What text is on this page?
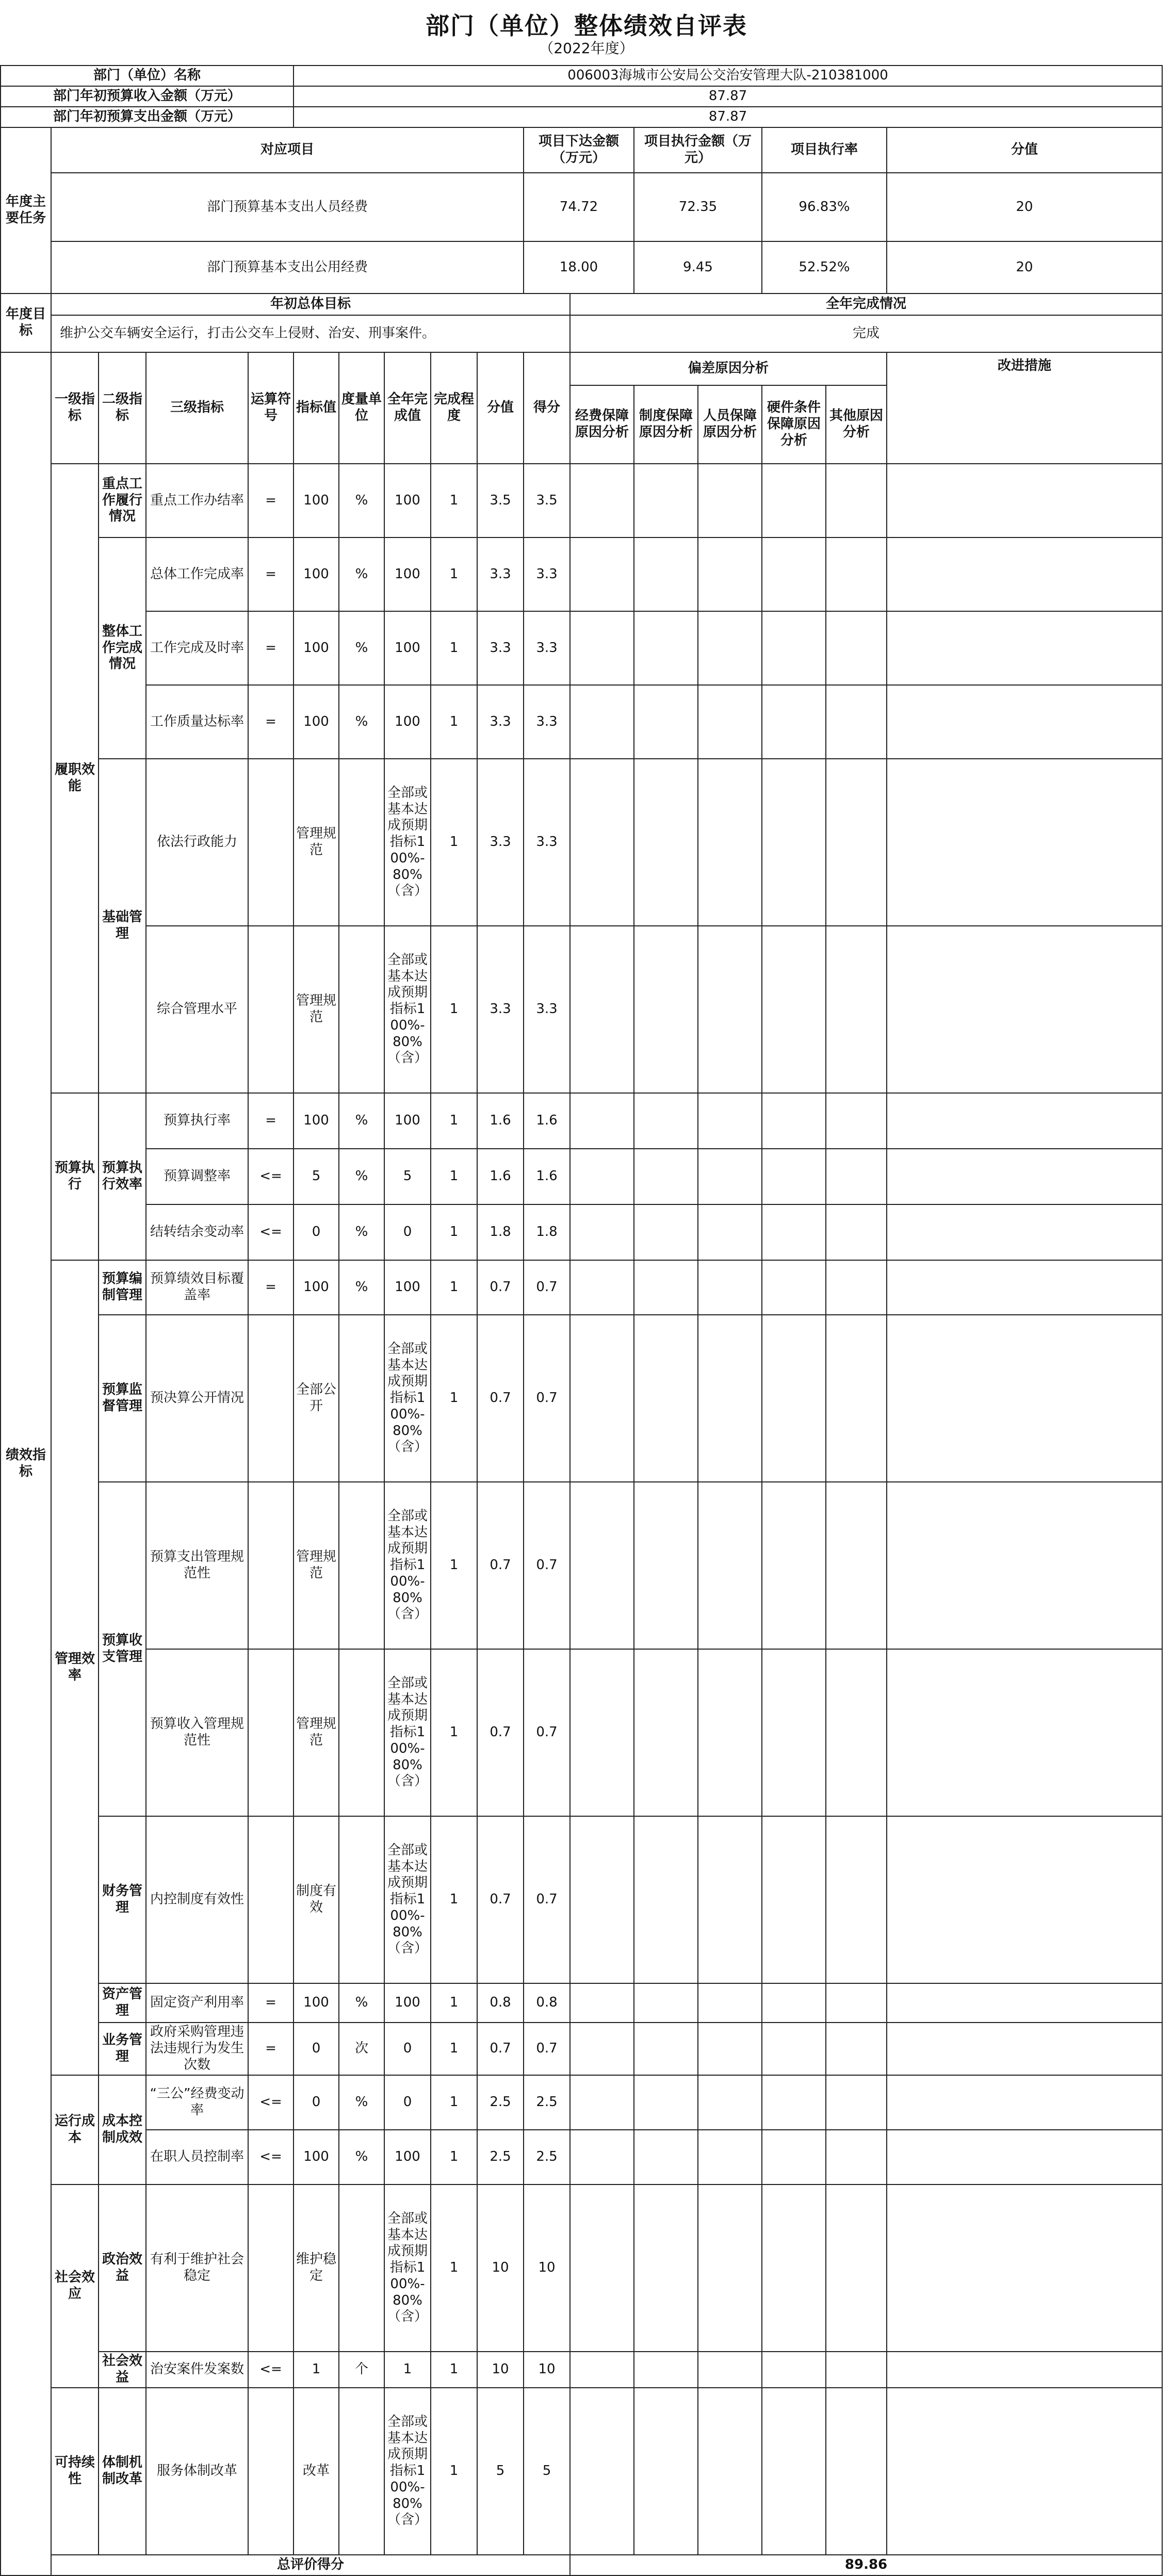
部门（单位）整体绩效自评表
（2022年度）
部门（单位）名称					006003海城市公安局公交治安管理大队-210381000												
部门年初预算收入金额（万元）					87.87												
部门年初预算支出金额（万元）					87.87												
年度主要任务	对应项目									项目下达金额（万元）		项目执行金额（万元）		项目执行率		分值	
	部门预算基本支出人员经费									74.72		72.35		96.83%		20	
	部门预算基本支出公用经费									18.00		9.45		52.52%		20	
年度目标	年初总体目标										全年完成情况						
	维护公交车辆安全运行，打击公交车上侵财、治安、刑事案件。										完成						
绩效指标	一级指标	二级指标	三级指标	运算符号	指标值	度量单位	全年完成值	完成程度	分值	得分	偏差原因分析					改进措施	
											经费保障原因分析	制度保障原因分析	人员保障原因分析	硬件条件保障原因分析	其他原因分析		
	履职效能	重点工作履行情况	重点工作办结率	=	100	%	100	1	3.5	3.5							
		整体工作完成情况	总体工作完成率	=	100	%	100	1	3.3	3.3							
			工作完成及时率	=	100	%	100	1	3.3	3.3							
			工作质量达标率	=	100	%	100	1	3.3	3.3							
		基础管理	依法行政能力		管理规范		全部或基本达成预期指标100%-80%（含）	1	3.3	3.3							
			综合管理水平		管理规范		全部或基本达成预期指标100%-80%（含）	1	3.3	3.3							
	预算执行	预算执行效率	预算执行率	=	100	%	100	1	1.6	1.6							
			预算调整率	<=	5	%	5	1	1.6	1.6							
			结转结余变动率	<=	0	%	0	1	1.8	1.8							
	管理效率	预算编制管理	预算绩效目标覆盖率	=	100	%	100	1	0.7	0.7							
		预算监督管理	预决算公开情况		全部公开		全部或基本达成预期指标100%-80%（含）	1	0.7	0.7							
		预算收支管理	预算支出管理规范性		管理规范		全部或基本达成预期指标100%-80%（含）	1	0.7	0.7							
			预算收入管理规范性		管理规范		全部或基本达成预期指标100%-80%（含）	1	0.7	0.7							
		财务管理	内控制度有效性		制度有效		全部或基本达成预期指标100%-80%（含）	1	0.7	0.7							
		资产管理	固定资产利用率	=	100	%	100	1	0.8	0.8							
		业务管理	政府采购管理违法违规行为发生次数	=	0	次	0	1	0.7	0.7							
	运行成本	成本控制成效	“三公”经费变动率	<=	0	%	0	1	2.5	2.5							
			在职人员控制率	<=	100	%	100	1	2.5	2.5							
	社会效应	政治效益	有利于维护社会稳定		维护稳定		全部或基本达成预期指标100%-80%（含）	1	10	10							
		社会效益	治安案件发案数	<=	1	个	1	1	10	10							
	可持续性	体制机制改革	服务体制改革		改革		全部或基本达成预期指标100%-80%（含）	1	5	5							
	总评价得分										89.86						
